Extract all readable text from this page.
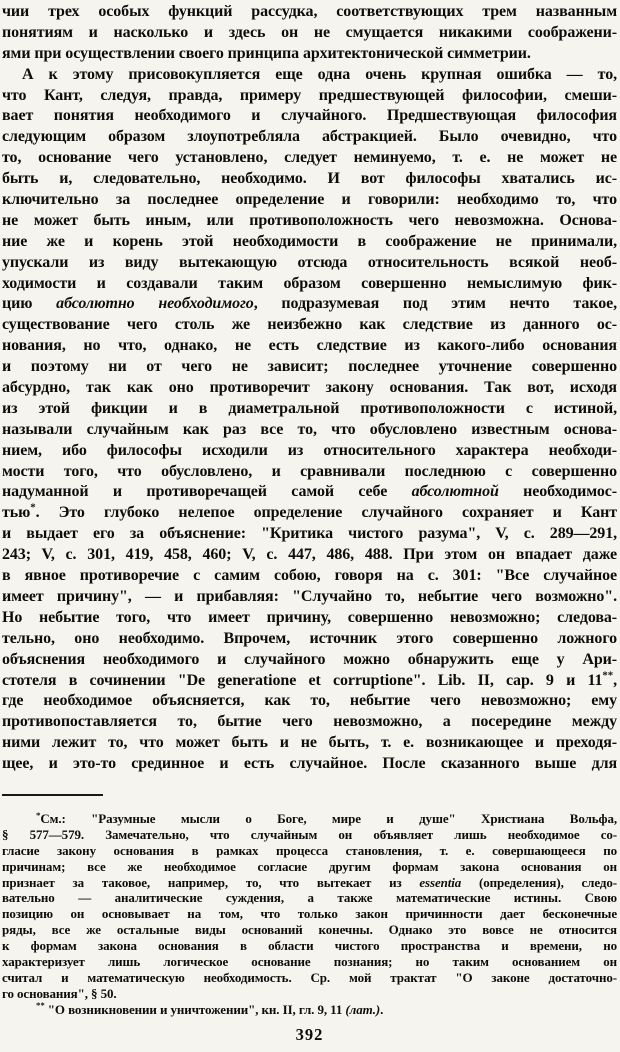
чии трех особых функций рассудка, соответствующих трем названным
понятиям и насколько и здесь он не смущается никакими соображени-
ями при осуществлении своего принципа архитектонической симметрии.
А к этому присовокупляется еще одна очень крупная ошибка — то,
что Кант, следуя, правда, примеру предшествующей философии, смеши-
вает понятия необходимого и случайного. Предшествующая философия
следующим образом злоупотребляла абстракцией. Было очевидно, что
то, основание чего установлено, следует неминуемо, т. е. не может не
быть и, следовательно, необходимо. И вот философы хватались ис-
ключительно за последнее определение и говорили: необходимо то, что
не может быть иным, или противоположность чего невозможна. Основа-
ние же и корень этой необходимости в соображение не принимали,
упускали из виду вытекающую отсюда относительность всякой необ-
ходимости и создавали таким образом совершенно немыслимую фик-
цию абсолютно необходимого, подразумевая под этим нечто такое,
существование чего столь же неизбежно как следствие из данного ос-
нования, но что, однако, не есть следствие из какого-либо основания
и поэтому ни от чего не зависит; последнее уточнение совершенно
абсурдно, так как оно противоречит закону основания. Так вот, исходя
из этой фикции и в диаметральной противоположности с истиной,
называли случайным как раз все то, что обусловлено известным основа-
нием, ибо философы исходили из относительного характера необходи-
мости того, что обусловлено, и сравнивали последнюю с совершенно
надуманной и противоречащей самой себе абсолютной необходимос-
тью*. Это глубоко нелепое определение случайного сохраняет и Кант
и выдает его за объяснение: "Критика чистого разума", V, с. 289—291,
243; V, с. 301, 419, 458, 460; V, с. 447, 486, 488. При этом он впадает даже
в явное противоречие с самим собою, говоря на с. 301: "Все случайное
имеет причину", — и прибавляя: "Случайно то, небытие чего возможно".
Но небытие того, что имеет причину, совершенно невозможно; следова-
тельно, оно необходимо. Впрочем, источник этого совершенно ложного
объяснения необходимого и случайного можно обнаружить еще у Ари-
стотеля в сочинении "De generatione et corruptione". Lib. II, cap. 9 и 11**,
где необходимое объясняется, как то, небытие чего невозможно; ему
противопоставляется то, бытие чего невозможно, а посередине между
ними лежит то, что может быть и не быть, т. е. возникающее и преходя-
щее, и это-то срединное и есть случайное. После сказанного выше для
*См.: "Разумные мысли о Боге, мире и душе" Христиана Вольфа,
§ 577—579. Замечательно, что случайным он объявляет лишь необходимое со-
гласие закону основания в рамках процесса становления, т. е. совершающееся по
причинам; все же необходимое согласие другим формам закона основания он
признает за таковое, например, то, что вытекает из essentia (определения), следо-
вательно — аналитические суждения, а также математические истины. Свою
позицию он основывает на том, что только закон причинности дает бесконечные
ряды, все же остальные виды оснований конечны. Однако это вовсе не относится
к формам закона основания в области чистого пространства и времени, но
характеризует лишь логическое основание познания; но таким основанием он
считал и математическую необходимость. Ср. мой трактат "О законе достаточно-
го основания", § 50.
** "О возникновении и уничтожении", кн. II, гл. 9, 11 (лат.).
392
